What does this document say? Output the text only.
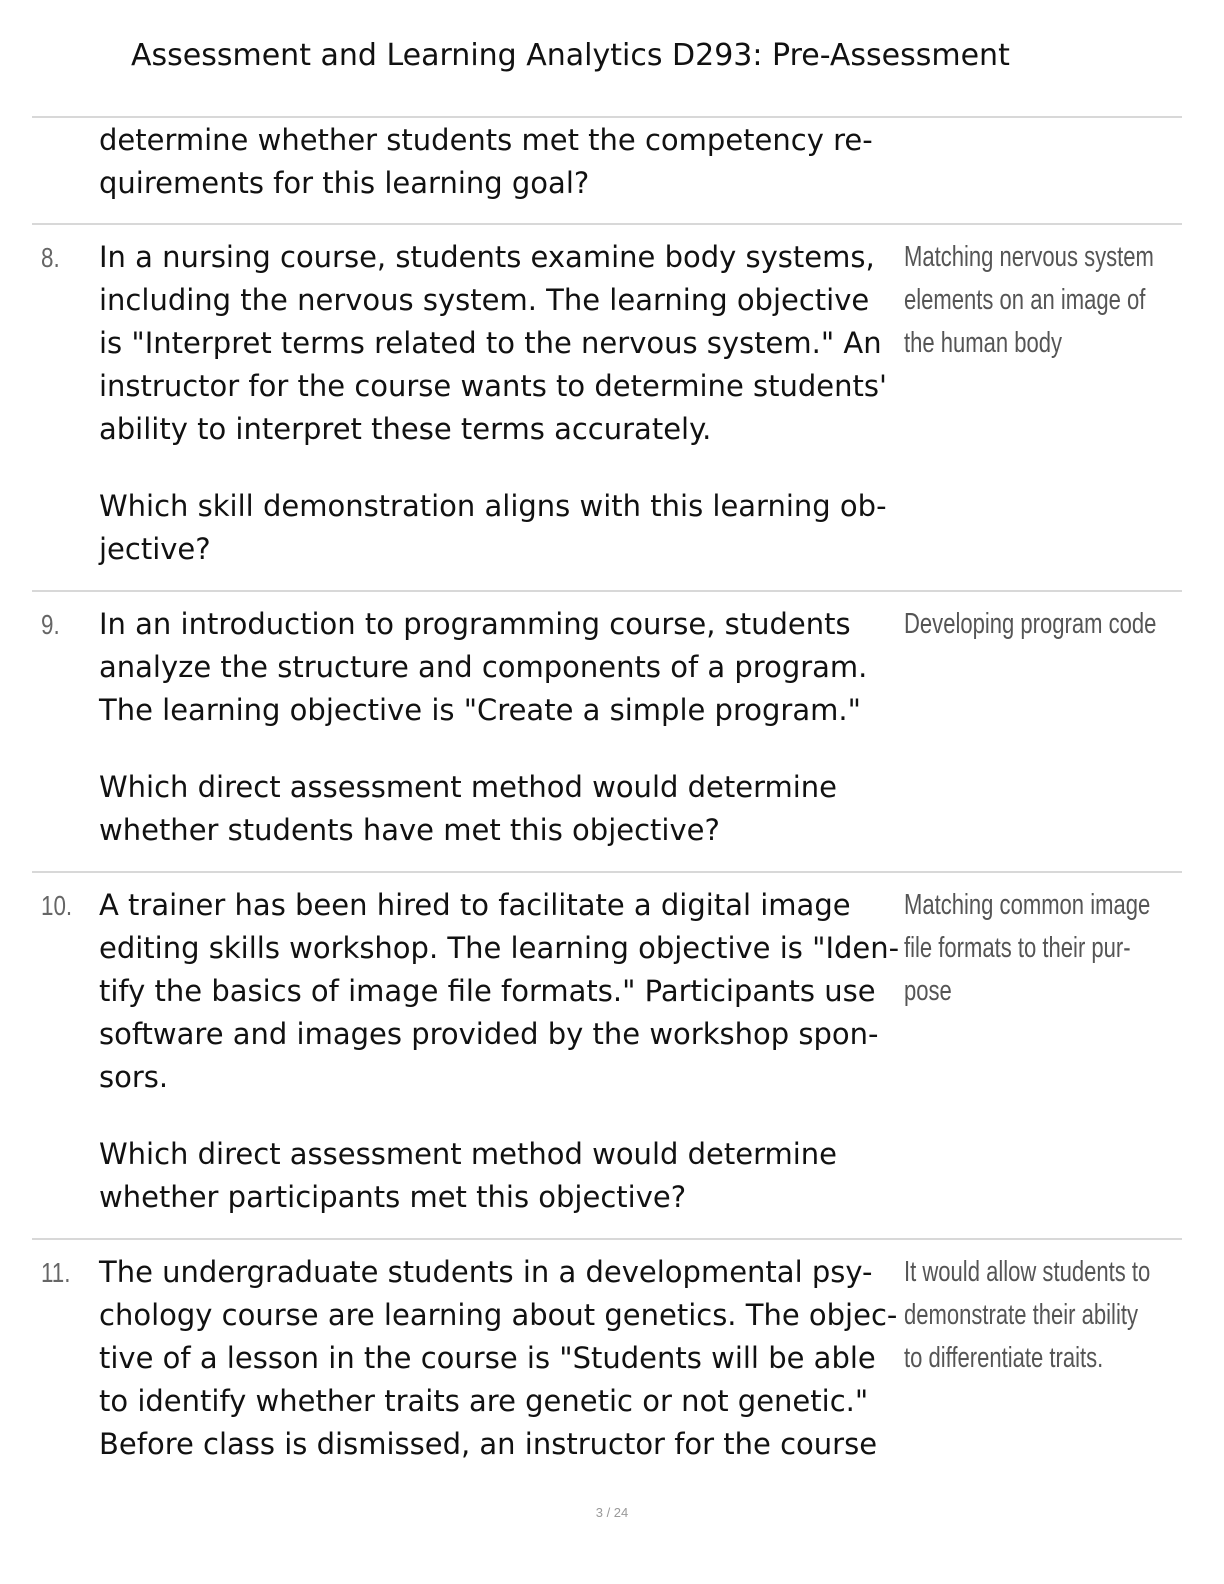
Assessment and Learning Analytics D293: Pre-Assessment
determine whether students met the competency re-
quirements for this learning goal?
8. In a nursing course, students examine body systems,
including the nervous system. The learning objective
is "Interpret terms related to the nervous system." An
instructor for the course wants to determine students'
ability to interpret these terms accurately.
Which skill demonstration aligns with this learning ob-
jective?
Matching nervous system
elements on an image of
the human body
9. In an introduction to programming course, students
analyze the structure and components of a program.
The learning objective is "Create a simple program."
Which direct assessment method would determine
whether students have met this objective?
Developing program code
10. A trainer has been hired to facilitate a digital image
editing skills workshop. The learning objective is "Iden-
tify the basics of image file formats." Participants use
software and images provided by the workshop spon-
sors.
Which direct assessment method would determine
whether participants met this objective?
Matching common image
file formats to their pur-
pose
11. The undergraduate students in a developmental psy-
chology course are learning about genetics. The objec-
tive of a lesson in the course is "Students will be able
to identify whether traits are genetic or not genetic."
Before class is dismissed, an instructor for the course
It would allow students to
demonstrate their ability
to differentiate traits.
3 / 24
